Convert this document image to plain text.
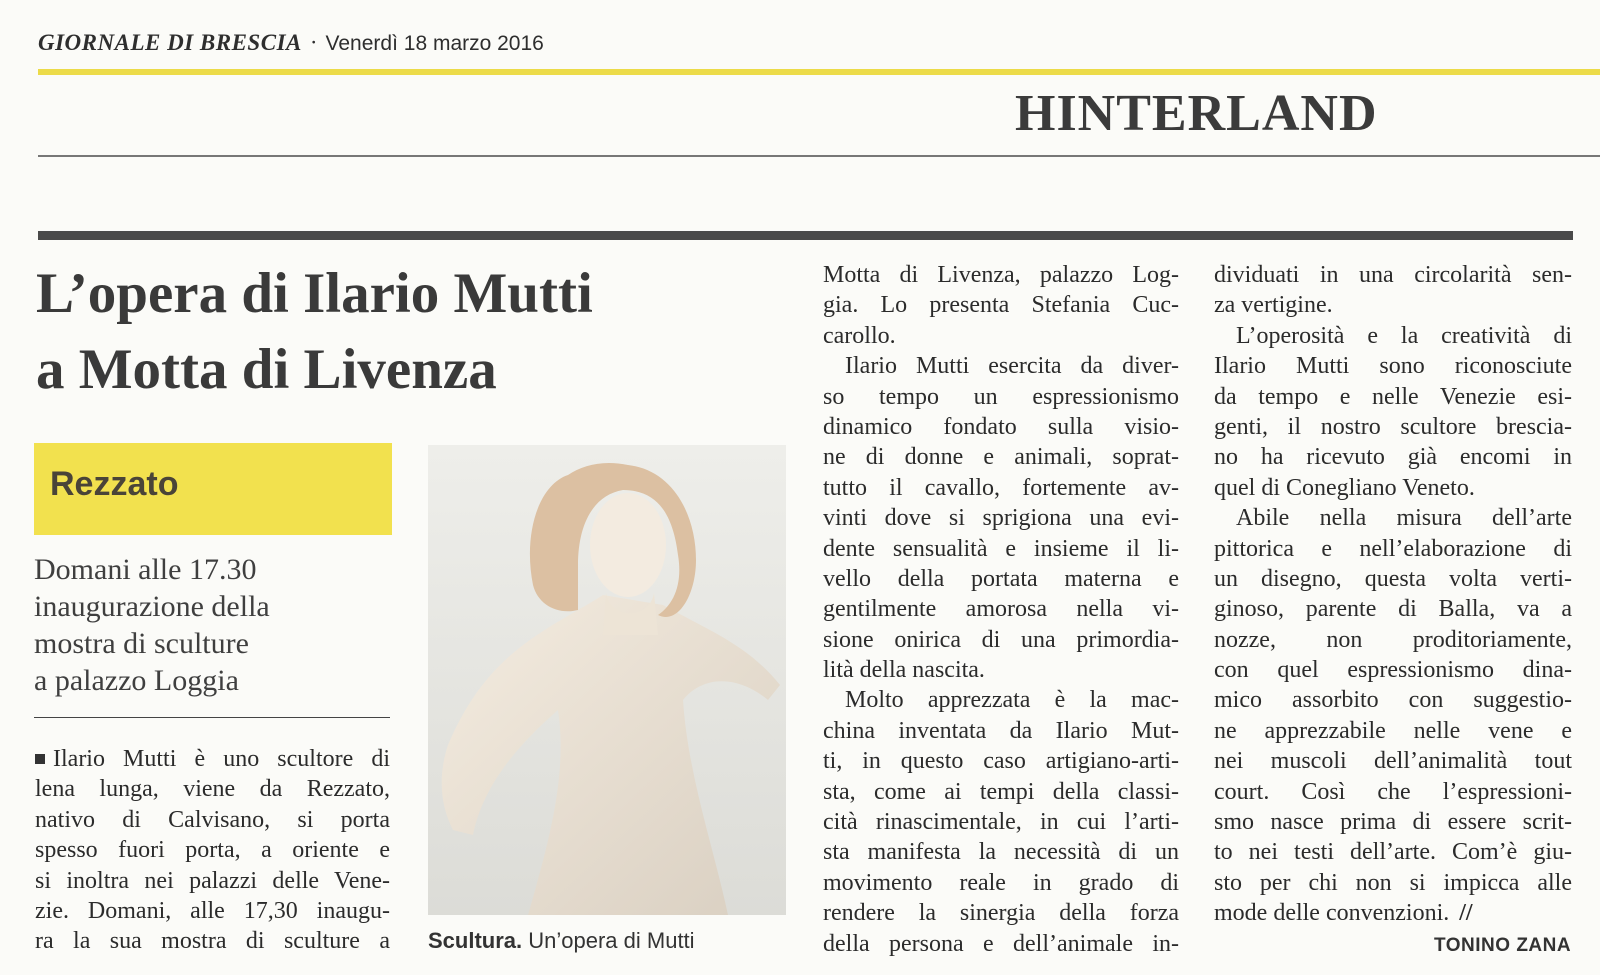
GIORNALE DI BRESCIA · Venerdì 18 marzo 2016
HINTERLAND
L’opera di Ilario Mutti
a Motta di Livenza
Rezzato
Domani alle 17.30
inaugurazione della
mostra di sculture
a palazzo Loggia
Ilario Mutti è uno scultore di
lena lunga, viene da Rezzato,
nativo di Calvisano, si porta
spesso fuori porta, a oriente e
si inoltra nei palazzi delle Vene-
zie. Domani, alle 17,30 inaugu-
ra la sua mostra di sculture a Scultura. Un’opera di Mutti
Motta di Livenza, palazzo Log-
gia. Lo presenta Stefania Cuc-
carollo.
Ilario Mutti esercita da diver-
so tempo un espressionismo
dinamico fondato sulla visio-
ne di donne e animali, soprat-
tutto il cavallo, fortemente av-
vinti dove si sprigiona una evi-
dente sensualità e insieme il li-
vello della portata materna e
gentilmente amorosa nella vi-
sione onirica di una primordia-
lità della nascita.
Molto apprezzata è la mac-
china inventata da Ilario Mut-
ti, in questo caso artigiano-arti-
sta, come ai tempi della classi-
cità rinascimentale, in cui l’arti-
sta manifesta la necessità di un
movimento reale in grado di
rendere la sinergia della forza
della persona e dell’animale in-
dividuati in una circolarità sen-
za vertigine.
L’operosità e la creatività di
Ilario Mutti sono riconosciute
da tempo e nelle Venezie esi-
genti, il nostro scultore brescia-
no ha ricevuto già encomi in
quel di Conegliano Veneto.
Abile nella misura dell’arte
pittorica e nell’elaborazione di
un disegno, questa volta verti-
ginoso, parente di Balla, va a
nozze, non proditoriamente,
con quel espressionismo dina-
mico assorbito con suggestio-
ne apprezzabile nelle vene e
nei muscoli dell’animalità tout
court. Così che l’espressioni-
smo nasce prima di essere scrit-
to nei testi dell’arte. Com’è giu-
sto per chi non si impicca alle
mode delle convenzioni. //
TONINO ZANA
